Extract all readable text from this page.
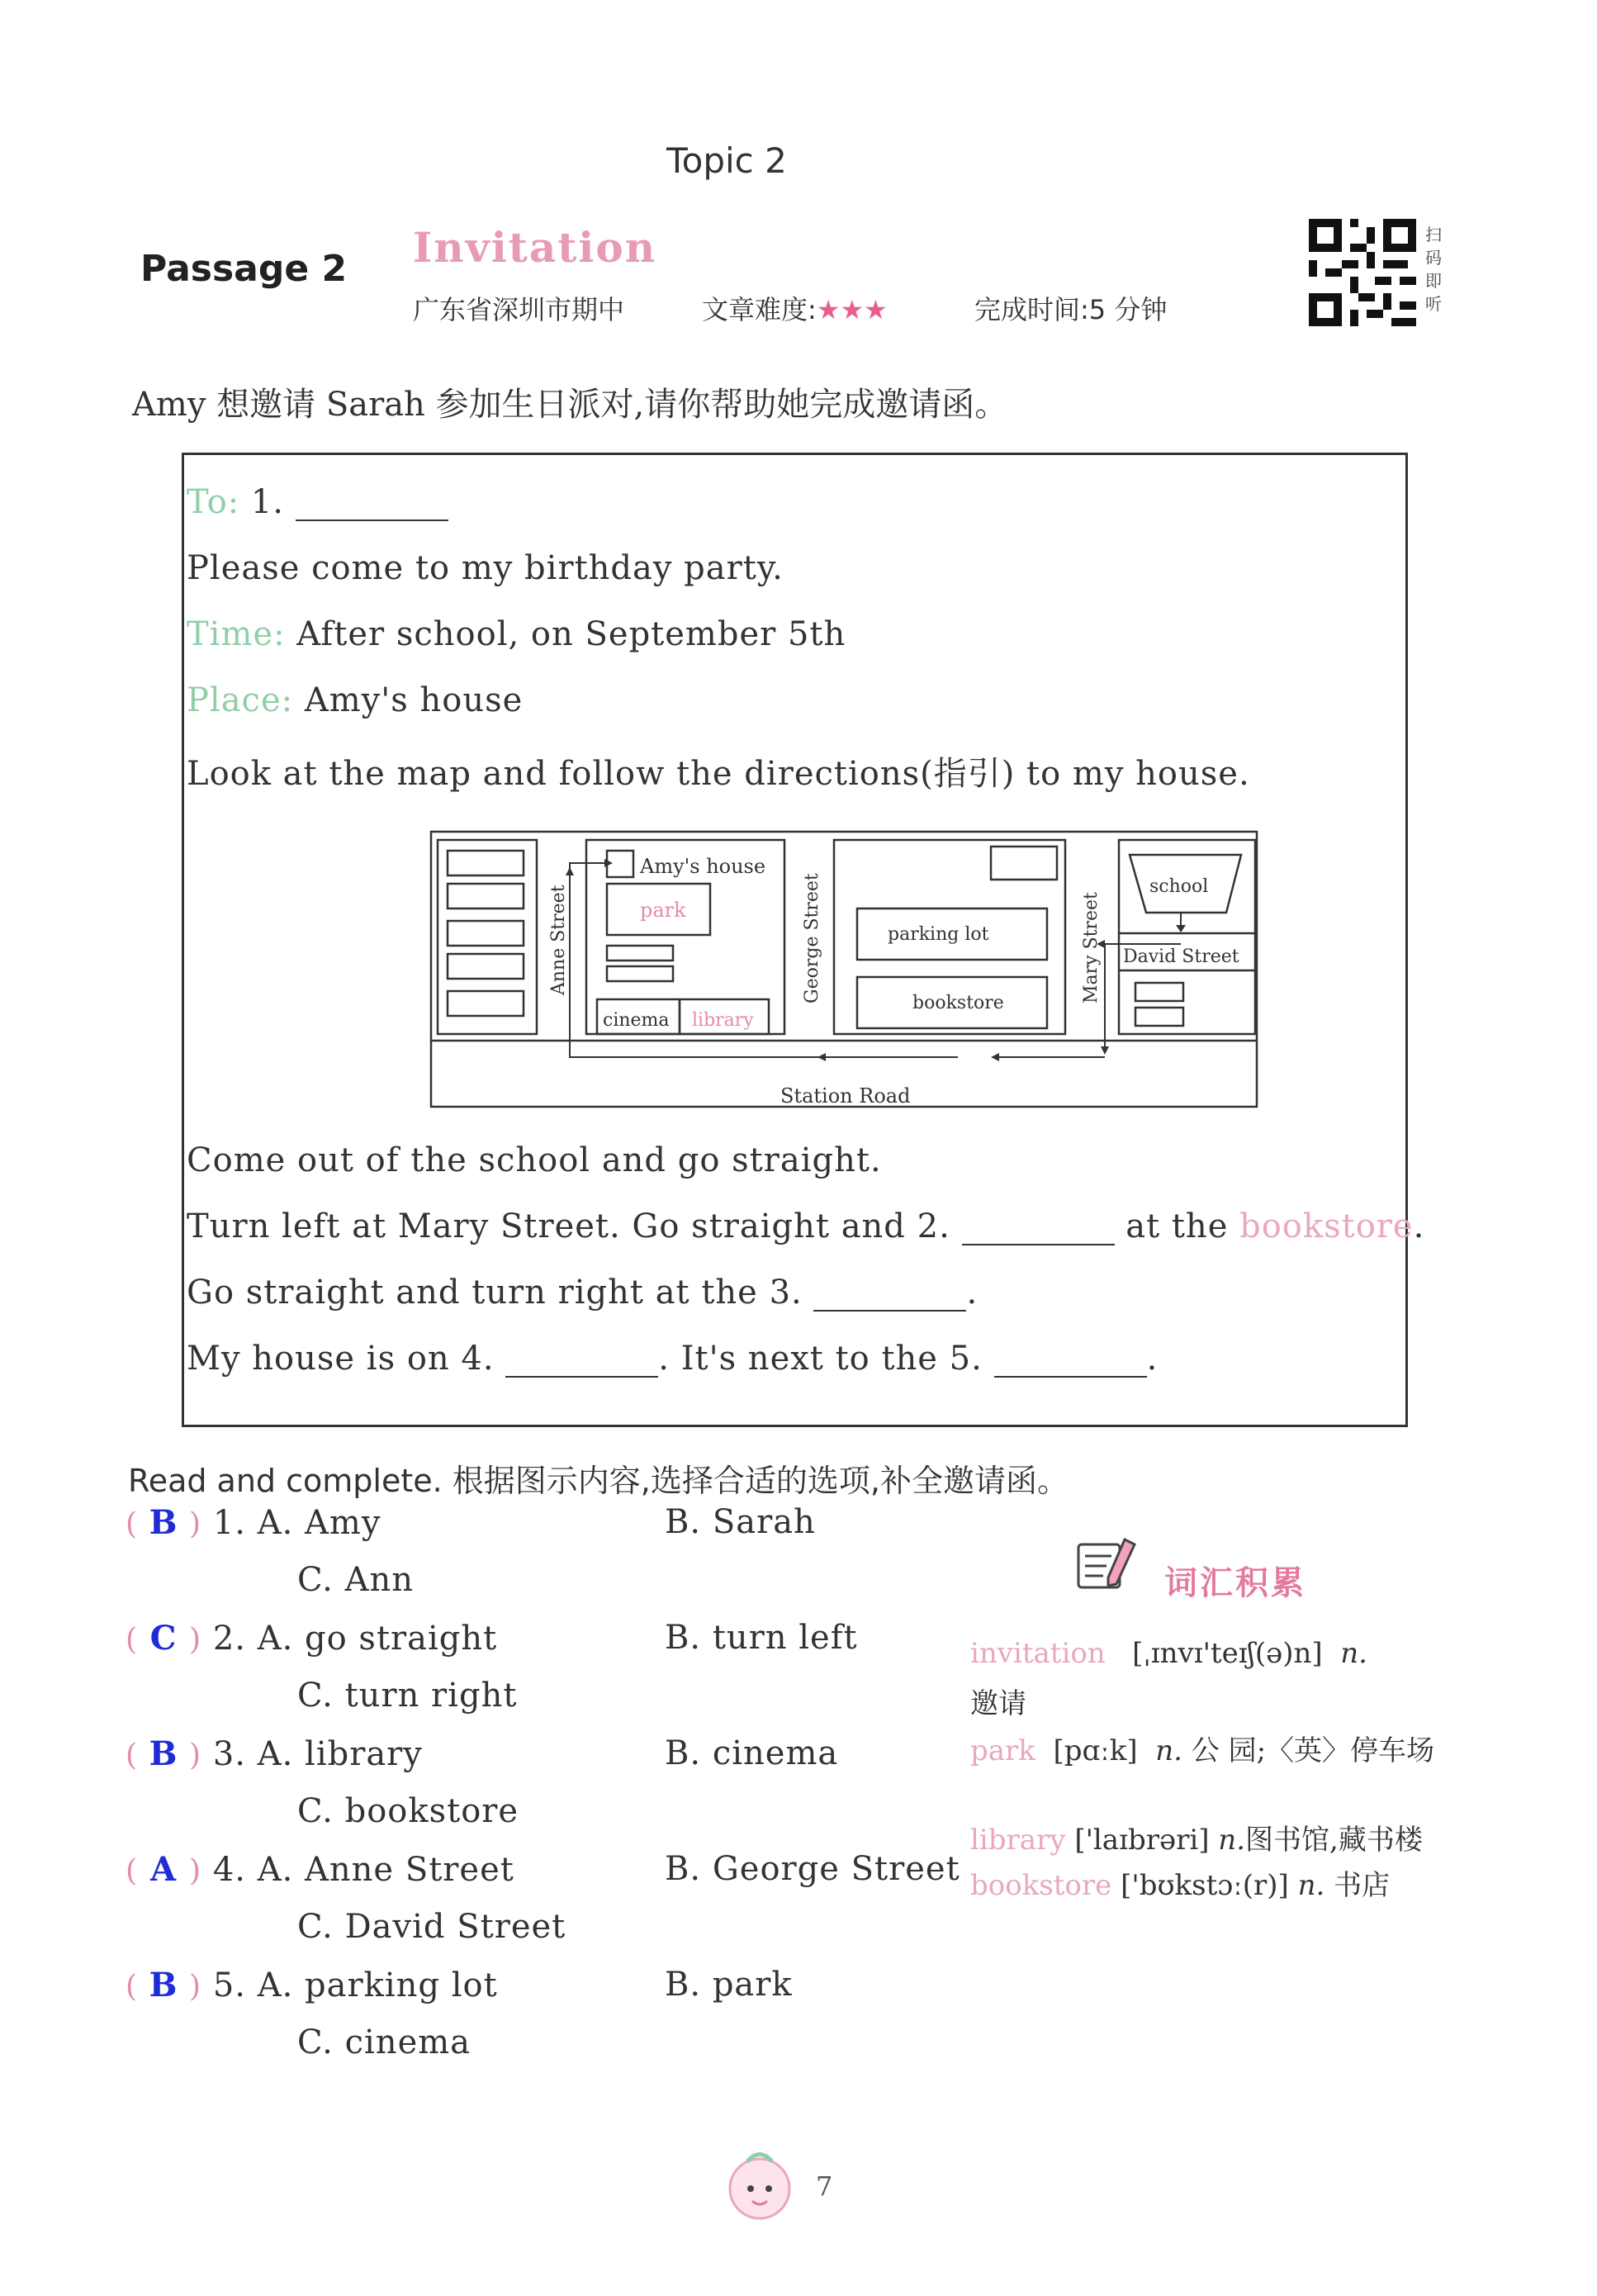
Topic 2
Passage 2 Invitation
广东省深圳市期中	文章难度:★★★	完成时间:5 分钟
扫
码
即
听
Amy 想邀请 Sarah 参加生日派对,请你帮助她完成邀请函。
To: 1.
Please come to my birthday party.
Time: After school, on September 5th
Place: Amy's house
Look at the map and follow the directions(指引) to my house.
Amy's house
park
cinema library
parking lot
bookstore
school
David Street
Station Road
Anne Street	George Street	Mary Street
Come out of the school and go straight.
Turn left at Mary Street. Go straight and 2.	at the bookstore.
Go straight and turn right at the 3.	.
My house is on 4.	. It's next to the 5.	.
Read and complete. 根据图示内容,选择合适的选项,补全邀请函。
( B ) 1. A. Amy	B. Sarah
C. Ann
( C ) 2. A. go straight	B. turn left
C. turn right
( B ) 3. A. library	B. cinema
C. bookstore
( A ) 4. A. Anne Street	B. George Street
C. David Street
( B ) 5. A. parking lot	B. park
C. cinema
词汇积累
invitation [ˌɪnvɪ'teɪʃ(ə)n] n.
邀请
park [pɑːk] n. 公 园;〈英〉停车场
library ['laɪbrəri] n.图书馆,藏书楼
bookstore ['bʊkstɔː(r)] n. 书店
7
